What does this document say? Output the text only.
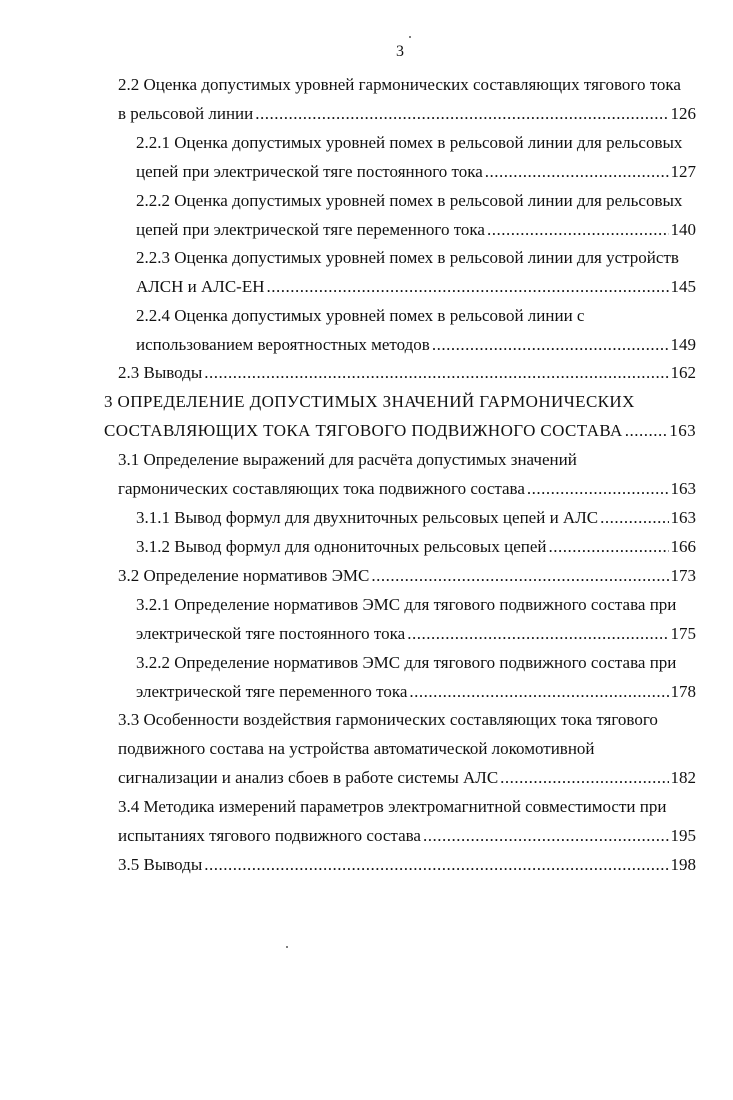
3
2.2 Оценка допустимых уровней гармонических составляющих тягового тока
в рельсовой линии .....	126
2.2.1 Оценка допустимых уровней помех в рельсовой линии для рельсовых
цепей при электрической тяге постоянного тока .....	127
2.2.2 Оценка допустимых уровней помех в рельсовой линии для рельсовых
цепей при электрической тяге переменного тока .....	140
2.2.3 Оценка допустимых уровней помех в рельсовой линии для устройств
АЛСН и АЛС-ЕН .....	145
2.2.4 Оценка допустимых уровней помех в рельсовой линии с
использованием вероятностных методов .....	149
2.3 Выводы .....	162
3 ОПРЕДЕЛЕНИЕ ДОПУСТИМЫХ ЗНАЧЕНИЙ ГАРМОНИЧЕСКИХ
СОСТАВЛЯЮЩИХ ТОКА ТЯГОВОГО ПОДВИЖНОГО СОСТАВА .....	163
3.1 Определение выражений для расчёта допустимых значений
гармонических составляющих тока подвижного состава .....	163
3.1.1 Вывод формул для двухниточных рельсовых цепей и АЛС .....	163
3.1.2 Вывод формул для однониточных рельсовых цепей .....	166
3.2 Определение нормативов ЭМС .....	173
3.2.1 Определение нормативов ЭМС для тягового подвижного состава при
электрической тяге постоянного тока .....	175
3.2.2 Определение нормативов ЭМС для тягового подвижного состава при
электрической тяге переменного тока .....	178
3.3 Особенности воздействия гармонических составляющих тока тягового
подвижного состава на устройства автоматической локомотивной
сигнализации и анализ сбоев в работе системы АЛС .....	182
3.4 Методика измерений параметров электромагнитной совместимости при
испытаниях тягового подвижного состава .....	195
3.5 Выводы .....	198
